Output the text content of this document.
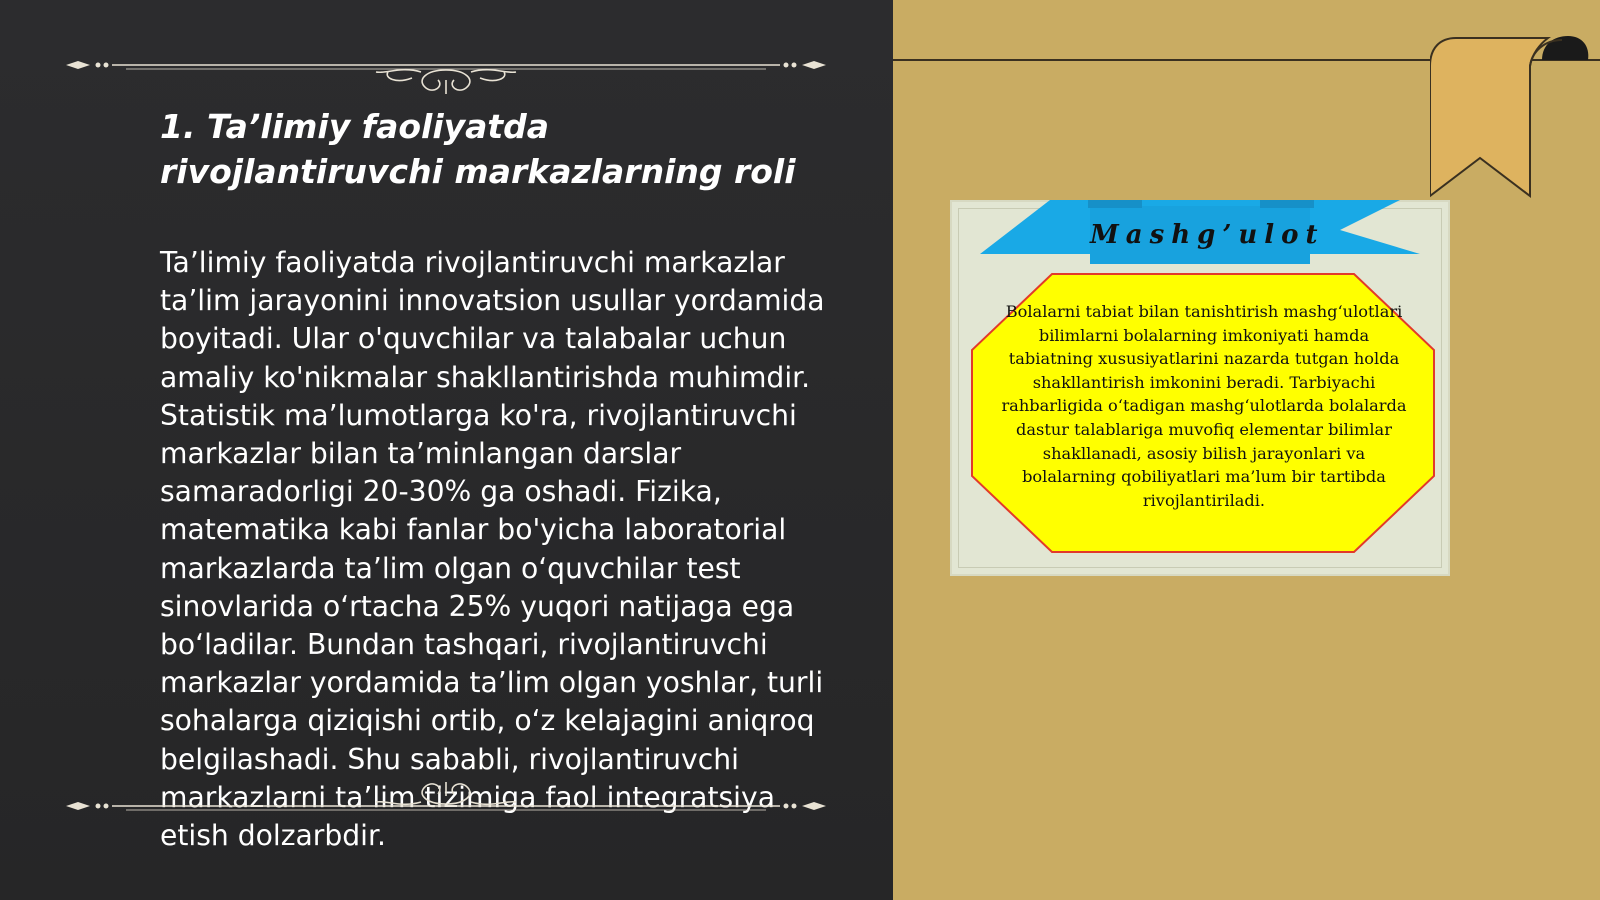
1. Ta’limiy faoliyatda rivojlantiruvchi markazlarning roli

Ta’limiy faoliyatda rivojlantiruvchi markazlar ta’lim jarayonini innovatsion usullar yordamida boyitadi. Ular o'quvchilar va talabalar uchun amaliy ko'nikmalar shakllantirishda muhimdir. Statistik ma’lumotlarga ko'ra, rivojlantiruvchi markazlar bilan ta’minlangan darslar samaradorligi 20-30% ga oshadi. Fizika, matematika kabi fanlar bo'yicha laboratorial markazlarda ta’lim olgan oʻquvchilar test sinovlarida oʻrtacha 25% yuqori natijaga ega boʻladilar. Bundan tashqari, rivojlantiruvchi markazlar yordamida ta’lim olgan yoshlar, turli sohalarga qiziqishi ortib, oʻz kelajagini aniqroq belgilashadi. Shu sababli, rivojlantiruvchi markazlarni ta’lim tizimiga faol integratsiya etish dolzarbdir.

Mashg’ulot

Bolalarni tabiat bilan tanishtirish mashgʻulotlari bilimlarni bolalarning imkoniyati hamda tabiatning xususiyatlarini nazarda tutgan holda shakllantirish imkonini beradi. Tarbiyachi rahbarligida oʻtadigan mashgʻulotlarda bolalarda dastur talablariga muvofiq elementar bilimlar shakllanadi, asosiy bilish jarayonlari va bolalarning qobiliyatlari ma’lum bir tartibda rivojlantiriladi.
